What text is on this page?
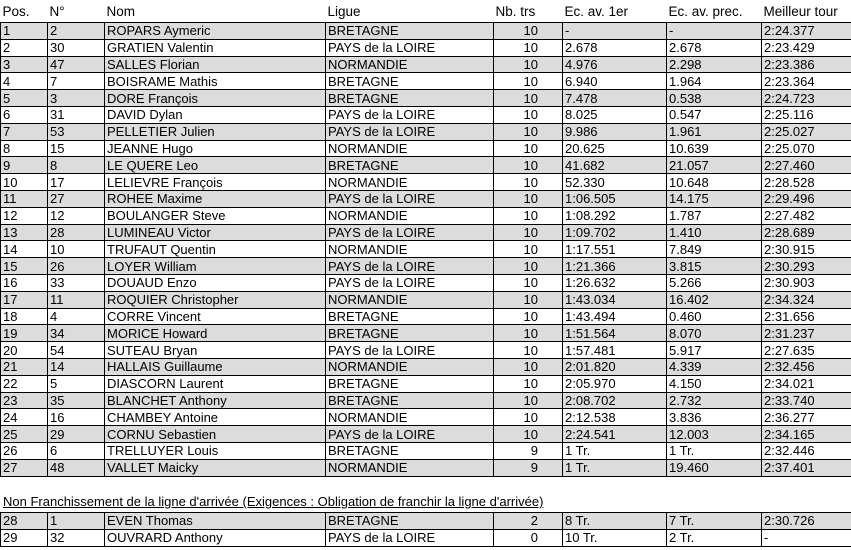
Pos.	N°	Nom	Ligue	Nb. trs	Ec. av. 1er	Ec. av. prec.	Meilleur tour
1	2	ROPARS Aymeric	BRETAGNE	10	-	-	2:24.377
2	30	GRATIEN Valentin	PAYS de la LOIRE	10	2.678	2.678	2:23.429
3	47	SALLES Florian	NORMANDIE	10	4.976	2.298	2:23.386
4	7	BOISRAME Mathis	BRETAGNE	10	6.940	1.964	2:23.364
5	3	DORE François	BRETAGNE	10	7.478	0.538	2:24.723
6	31	DAVID Dylan	PAYS de la LOIRE	10	8.025	0.547	2:25.116
7	53	PELLETIER Julien	PAYS de la LOIRE	10	9.986	1.961	2:25.027
8	15	JEANNE Hugo	NORMANDIE	10	20.625	10.639	2:25.070
9	8	LE QUERE Leo	BRETAGNE	10	41.682	21.057	2:27.460
10	17	LELIEVRE François	NORMANDIE	10	52.330	10.648	2:28.528
11	27	ROHEE Maxime	PAYS de la LOIRE	10	1:06.505	14.175	2:29.496
12	12	BOULANGER Steve	NORMANDIE	10	1:08.292	1.787	2:27.482
13	28	LUMINEAU Victor	PAYS de la LOIRE	10	1:09.702	1.410	2:28.689
14	10	TRUFAUT Quentin	NORMANDIE	10	1:17.551	7.849	2:30.915
15	26	LOYER William	PAYS de la LOIRE	10	1:21.366	3.815	2:30.293
16	33	DOUAUD Enzo	PAYS de la LOIRE	10	1:26.632	5.266	2:30.903
17	11	ROQUIER Christopher	NORMANDIE	10	1:43.034	16.402	2:34.324
18	4	CORRE Vincent	BRETAGNE	10	1:43.494	0.460	2:31.656
19	34	MORICE Howard	BRETAGNE	10	1:51.564	8.070	2:31.237
20	54	SUTEAU Bryan	PAYS de la LOIRE	10	1:57.481	5.917	2:27.635
21	14	HALLAIS Guillaume	NORMANDIE	10	2:01.820	4.339	2:32.456
22	5	DIASCORN Laurent	BRETAGNE	10	2:05.970	4.150	2:34.021
23	35	BLANCHET Anthony	BRETAGNE	10	2:08.702	2.732	2:33.740
24	16	CHAMBEY Antoine	NORMANDIE	10	2:12.538	3.836	2:36.277
25	29	CORNU Sebastien	PAYS de la LOIRE	10	2:24.541	12.003	2:34.165
26	6	TRELLUYER Louis	BRETAGNE	9	1 Tr.	1 Tr.	2:32.446
27	48	VALLET Maicky	NORMANDIE	9	1 Tr.	19.460	2:37.401
Non Franchissement de la ligne d'arrivée (Exigences : Obligation de franchir la ligne d'arrivée)
28	1	EVEN Thomas	BRETAGNE	2	8 Tr.	7 Tr.	2:30.726
29	32	OUVRARD Anthony	PAYS de la LOIRE	0	10 Tr.	2 Tr.	-
